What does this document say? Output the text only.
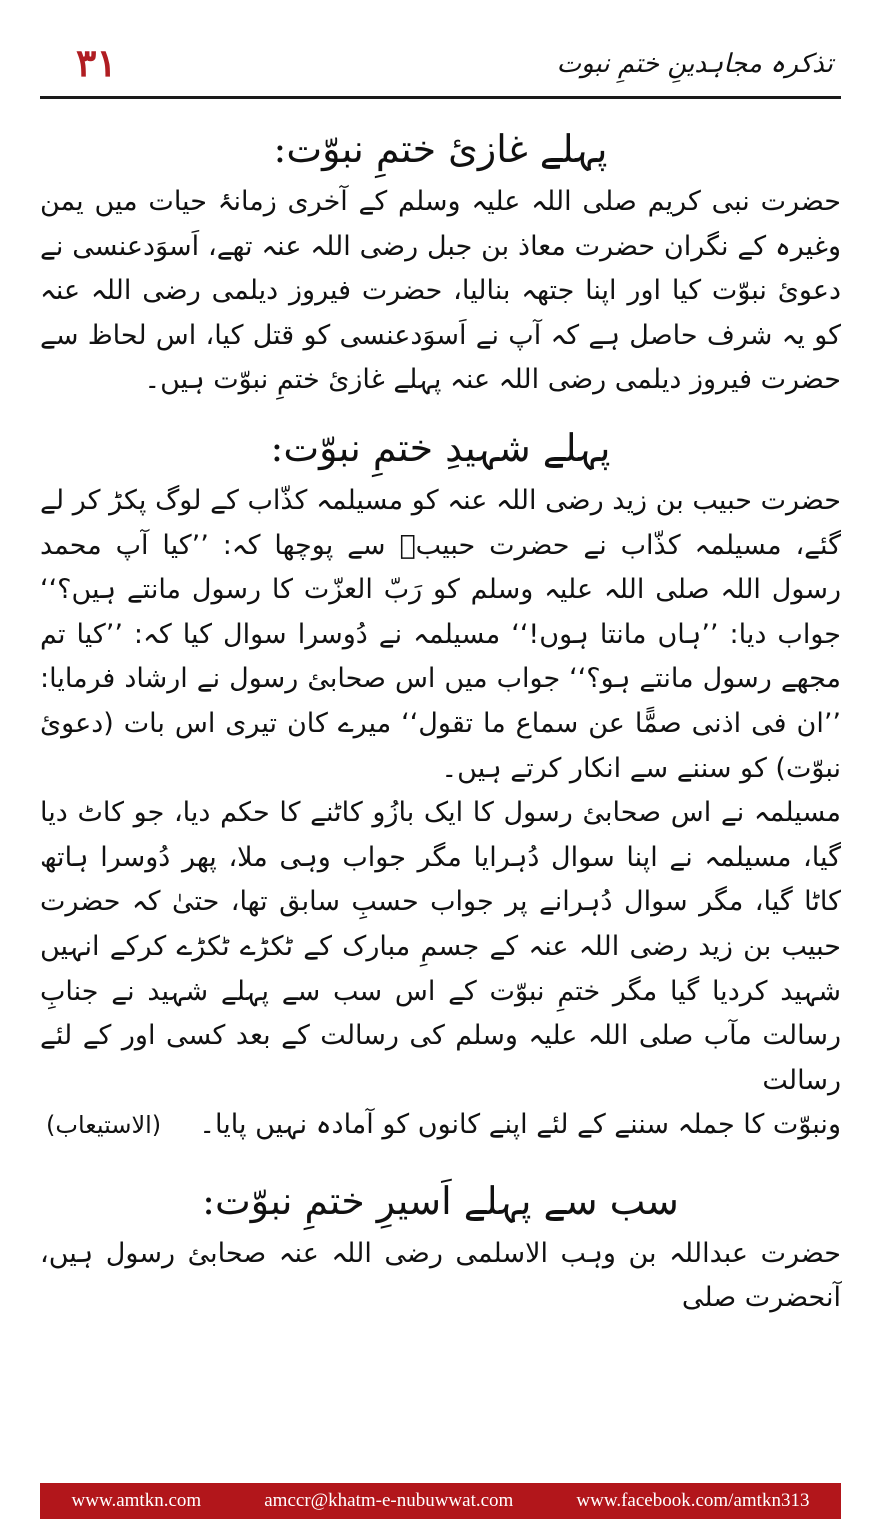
۳۱	تذکرہ مجاہدینِ ختمِ نبوت
پہلے غازئ ختمِ نبوّت:

حضرت نبی کریم صلی اللہ علیہ وسلم کے آخری زمانۂ حیات میں یمن وغیرہ کے نگران حضرت معاذ بن جبل رضی اللہ عنہ تھے، اَسوَدعنسی نے دعوئ نبوّت کیا اور اپنا جتھہ بنالیا، حضرت فیروز دیلمی رضی اللہ عنہ کو یہ شرف حاصل ہے کہ آپ نے اَسوَدعنسی کو قتل کیا، اس لحاظ سے حضرت فیروز دیلمی رضی اللہ عنہ پہلے غازئ ختمِ نبوّت ہیں۔

پہلے شہیدِ ختمِ نبوّت:

حضرت حبیب بن زید رضی اللہ عنہ کو مسیلمہ کذّاب کے لوگ پکڑ کر لے گئے، مسیلمہ کذّاب نے حضرت حبیبؓ سے پوچھا کہ: ’’کیا آپ محمد رسول اللہ صلی اللہ علیہ وسلم کو رَبّ العزّت کا رسول مانتے ہیں؟‘‘ جواب دیا: ’’ہاں مانتا ہوں!‘‘ مسیلمہ نے دُوسرا سوال کیا کہ: ’’کیا تم مجھے رسول مانتے ہو؟‘‘ جواب میں اس صحابئ رسول نے ارشاد فرمایا: ’’ان فی اذنی صمًّا عن سماع ما تقول‘‘ میرے کان تیری اس بات (دعوئ نبوّت) کو سننے سے انکار کرتے ہیں۔

مسیلمہ نے اس صحابئ رسول کا ایک بازُو کاٹنے کا حکم دیا، جو کاٹ دیا گیا، مسیلمہ نے اپنا سوال دُہرایا مگر جواب وہی ملا، پھر دُوسرا ہاتھ کاٹا گیا، مگر سوال دُہرانے پر جواب حسبِ سابق تھا، حتیٰ کہ حضرت حبیب بن زید رضی اللہ عنہ کے جسمِ مبارک کے ٹکڑے ٹکڑے کرکے انہیں شہید کردیا گیا مگر ختمِ نبوّت کے اس سب سے پہلے شہید نے جنابِ رسالت مآب صلی اللہ علیہ وسلم کی رسالت کے بعد کسی اور کے لئے رسالت

ونبوّت کا جملہ سننے کے لئے اپنے کانوں کو آمادہ نہیں پایا۔

(الاستیعاب)
سب سے پہلے اَسیرِ ختمِ نبوّت:

حضرت عبداللہ بن وہب الاسلمی رضی اللہ عنہ صحابئ رسول ہیں، آنحضرت صلی

www.amtkn.com	amccr@khatm-e-nubuwwat.com	www.facebook.com/amtkn313
